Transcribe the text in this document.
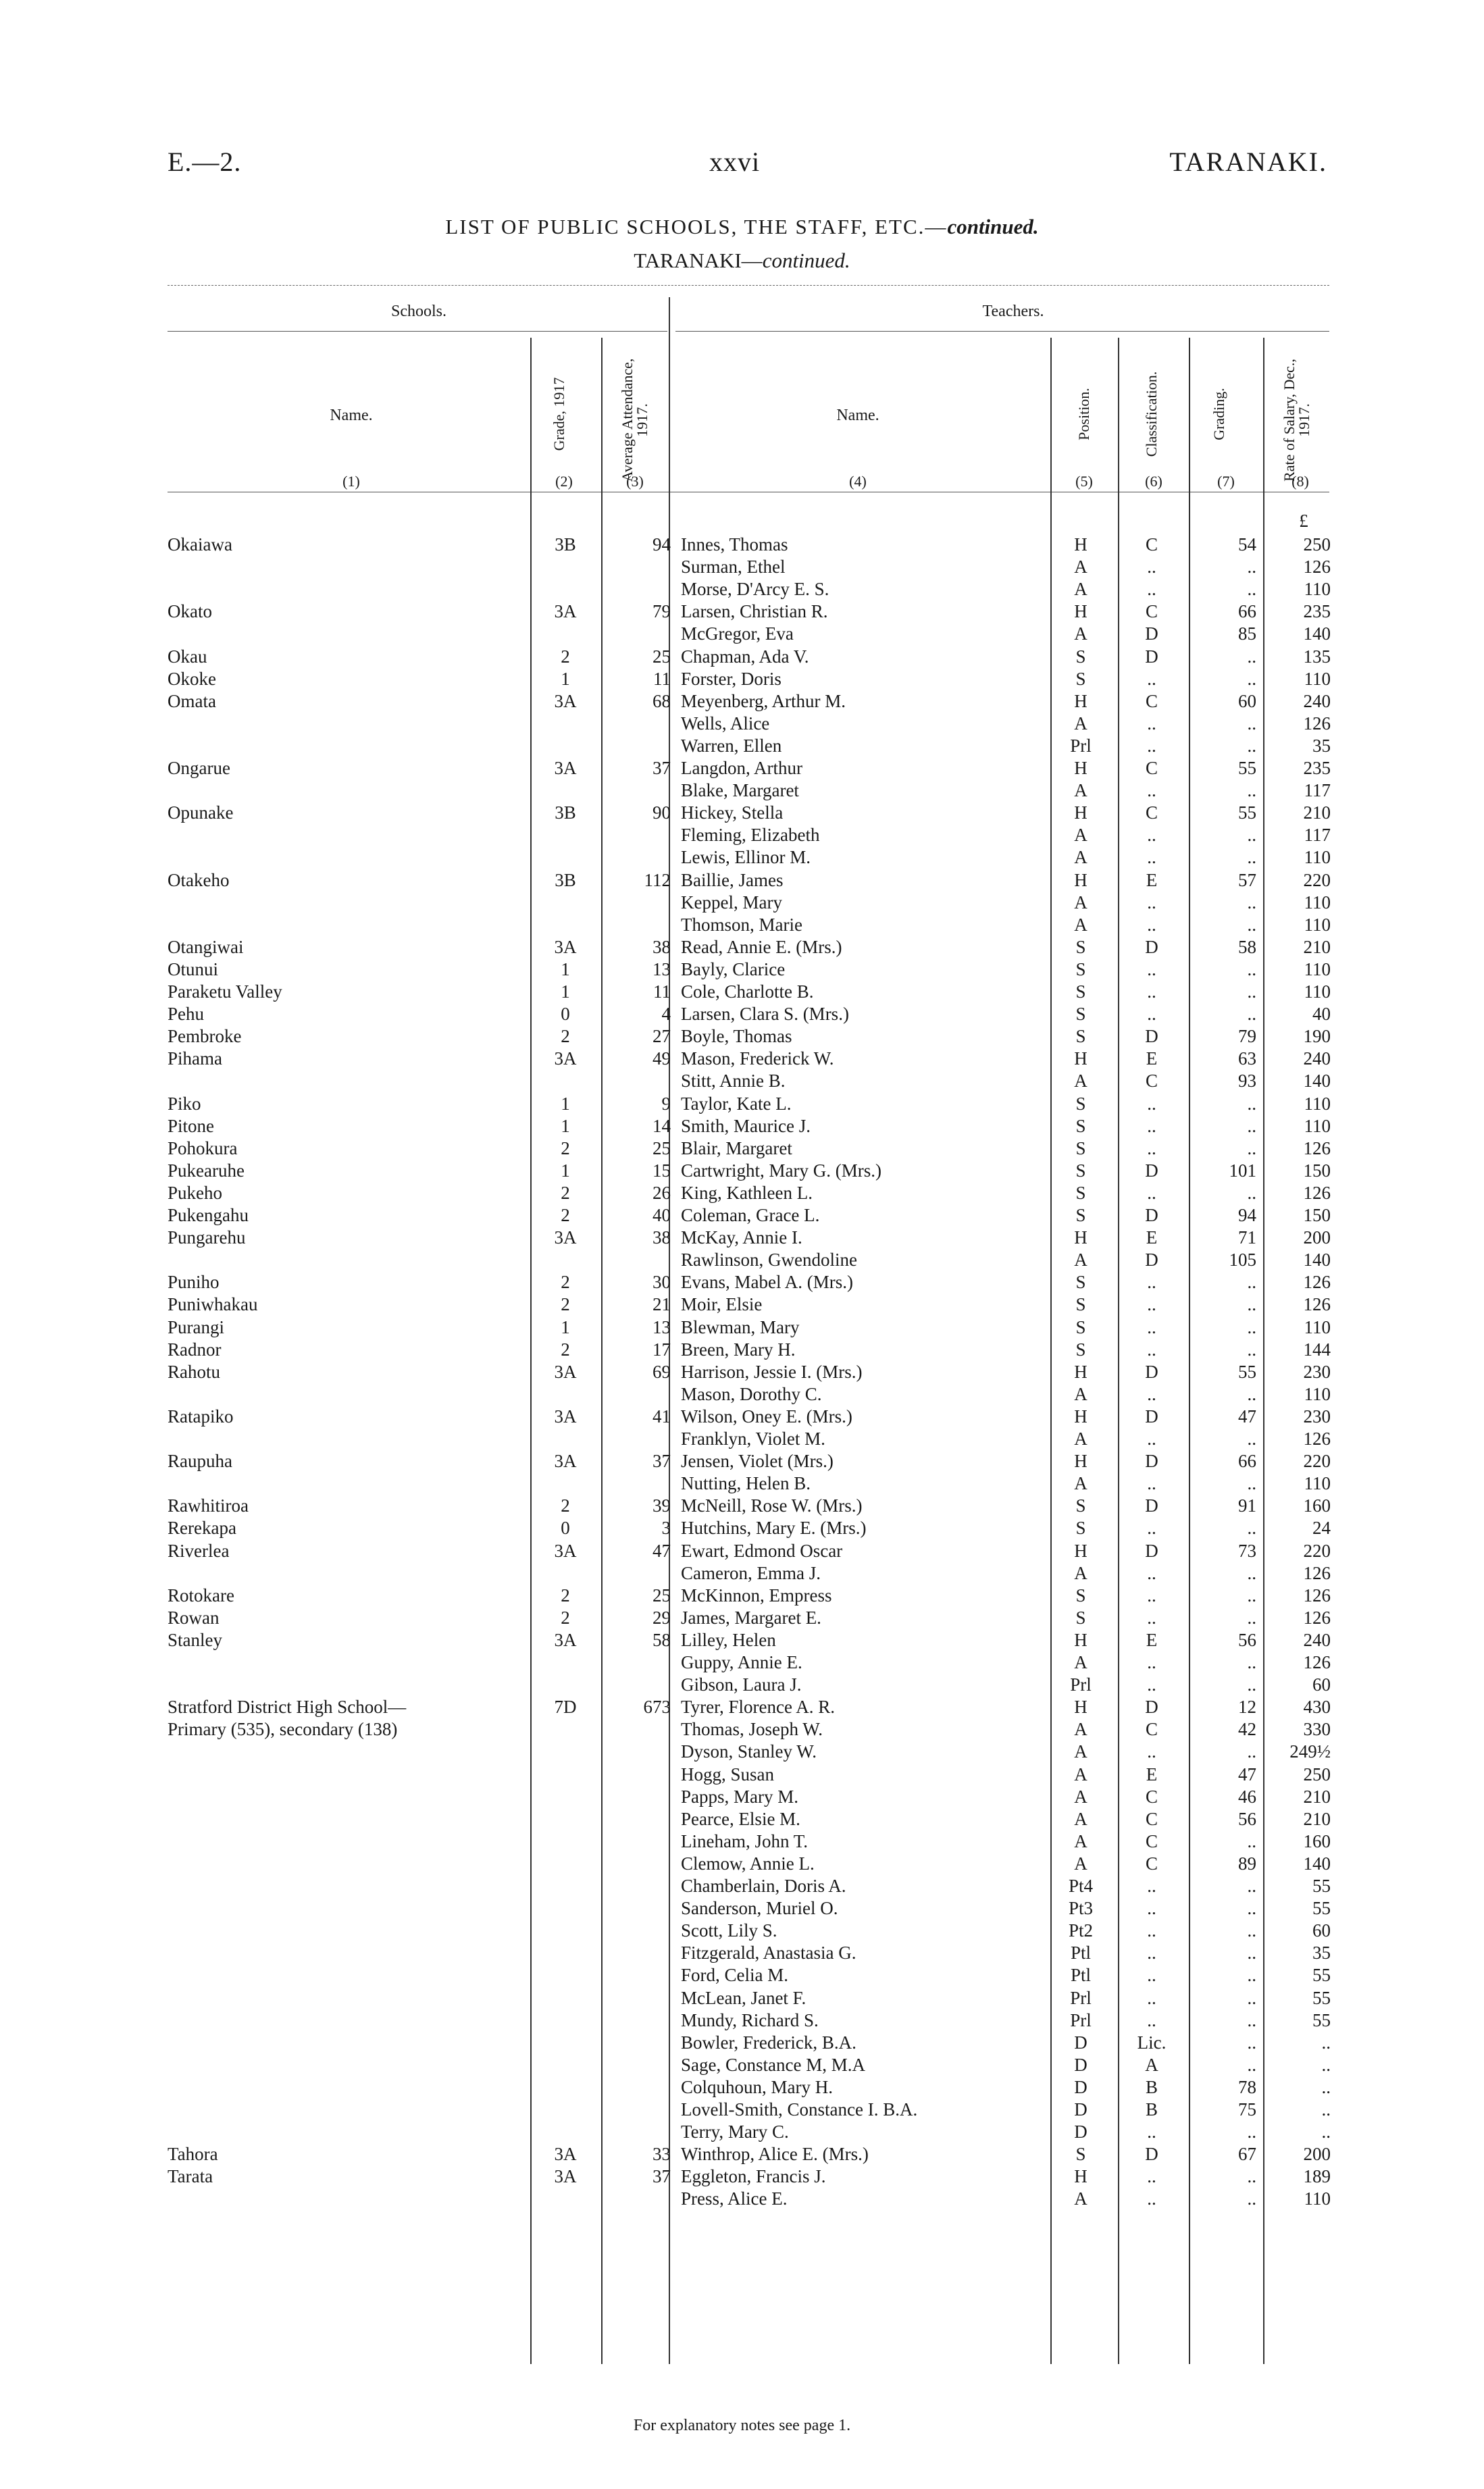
E.—2.	xxvi	TARANAKI.
LIST OF PUBLIC SCHOOLS, THE STAFF, ETC.—continued.
TARANAKI—continued.
Schools.	Teachers.
Name.	Grade, 1917	Average Attendance, 1917.	Name.	Position.	Classification.	Grading.	Rate of Salary, Dec., 1917.
(1)	(2)	(3)	(4)	(5)	(6)	(7)	(8)
£
Okaiawa	3B	94 Innes, Thomas	H	C	54	250
Surman, Ethel	A	..	..	126
Morse, D'Arcy E. S.	A	..	..	110
Okato	3A	79 Larsen, Christian R.	H	C	66	235
McGregor, Eva	A	D	85	140
Okau	2	25 Chapman, Ada V.	S	D	..	135
Okoke	1	11 Forster, Doris	S	..	..	110
Omata	3A	68 Meyenberg, Arthur M.	H	C	60	240
Wells, Alice	A	..	..	126
Warren, Ellen	Prl	..	..	35
Ongarue	3A	37 Langdon, Arthur	H	C	55	235
Blake, Margaret	A	..	..	117
Opunake	3B	90 Hickey, Stella	H	C	55	210
Fleming, Elizabeth	A	..	..	117
Lewis, Ellinor M.	A	..	..	110
Otakeho	3B	112 Baillie, James	H	E	57	220
Keppel, Mary	A	..	..	110
Thomson, Marie	A	..	..	110
Otangiwai	3A	38 Read, Annie E. (Mrs.)	S	D	58	210
Otunui	1	13 Bayly, Clarice	S	..	..	110
Paraketu Valley	1	11 Cole, Charlotte B.	S	..	..	110
Pehu	0	4 Larsen, Clara S. (Mrs.)	S	..	..	40
Pembroke	2	27 Boyle, Thomas	S	D	79	190
Pihama	3A	49 Mason, Frederick W.	H	E	63	240
Stitt, Annie B.	A	C	93	140
Piko	1	9 Taylor, Kate L.	S	..	..	110
Pitone	1	14 Smith, Maurice J.	S	..	..	110
Pohokura	2	25 Blair, Margaret	S	..	..	126
Pukearuhe	1	15 Cartwright, Mary G. (Mrs.)	S	D	101	150
Pukeho	2	26 King, Kathleen L.	S	..	..	126
Pukengahu	2	40 Coleman, Grace L.	S	D	94	150
Pungarehu	3A	38 McKay, Annie I.	H	E	71	200
Rawlinson, Gwendoline	A	D	105	140
Puniho	2	30 Evans, Mabel A. (Mrs.)	S	..	..	126
Puniwhakau	2	21 Moir, Elsie	S	..	..	126
Purangi	1	13 Blewman, Mary	S	..	..	110
Radnor	2	17 Breen, Mary H.	S	..	..	144
Rahotu	3A	69 Harrison, Jessie I. (Mrs.)	H	D	55	230
Mason, Dorothy C.	A	..	..	110
Ratapiko	3A	41 Wilson, Oney E. (Mrs.)	H	D	47	230
Franklyn, Violet M.	A	..	..	126
Raupuha	3A	37 Jensen, Violet (Mrs.)	H	D	66	220
Nutting, Helen B.	A	..	..	110
Rawhitiroa	2	39 McNeill, Rose W. (Mrs.)	S	D	91	160
Rerekapa	0	3 Hutchins, Mary E. (Mrs.)	S	..	..	24
Riverlea	3A	47 Ewart, Edmond Oscar	H	D	73	220
Cameron, Emma J.	A	..	..	126
Rotokare	2	25 McKinnon, Empress	S	..	..	126
Rowan	2	29 James, Margaret E.	S	..	..	126
Stanley	3A	58 Lilley, Helen	H	E	56	240
Guppy, Annie E.	A	..	..	126
Gibson, Laura J.	Prl	..	..	60
Stratford District High School—	7D	673 Tyrer, Florence A. R.	H	D	12	430
Primary (535), secondary (138)	Thomas, Joseph W.	A	C	42	330
Dyson, Stanley W.	A	..	..	249½
Hogg, Susan	A	E	47	250
Papps, Mary M.	A	C	46	210
Pearce, Elsie M.	A	C	56	210
Lineham, John T.	A	C	..	160
Clemow, Annie L.	A	C	89	140
Chamberlain, Doris A.	Pt4	..	..	55
Sanderson, Muriel O.	Pt3	..	..	55
Scott, Lily S.	Pt2	..	..	60
Fitzgerald, Anastasia G.	Ptl	..	..	35
Ford, Celia M.	Ptl	..	..	55
McLean, Janet F.	Prl	..	..	55
Mundy, Richard S.	Prl	..	..	55
Bowler, Frederick, B.A.	D	Lic.	..	..
Sage, Constance M, M.A	D	A	..	..
Colquhoun, Mary H.	D	B	78	..
Lovell-Smith, Constance I. B.A.	D	B	75	..
Terry, Mary C.	D	..	..	..
Tahora	3A	33 Winthrop, Alice E. (Mrs.)	S	D	67	200
Tarata	3A	37 Eggleton, Francis J.	H	..	..	189
Press, Alice E.	A	..	..	110
For explanatory notes see page 1.
